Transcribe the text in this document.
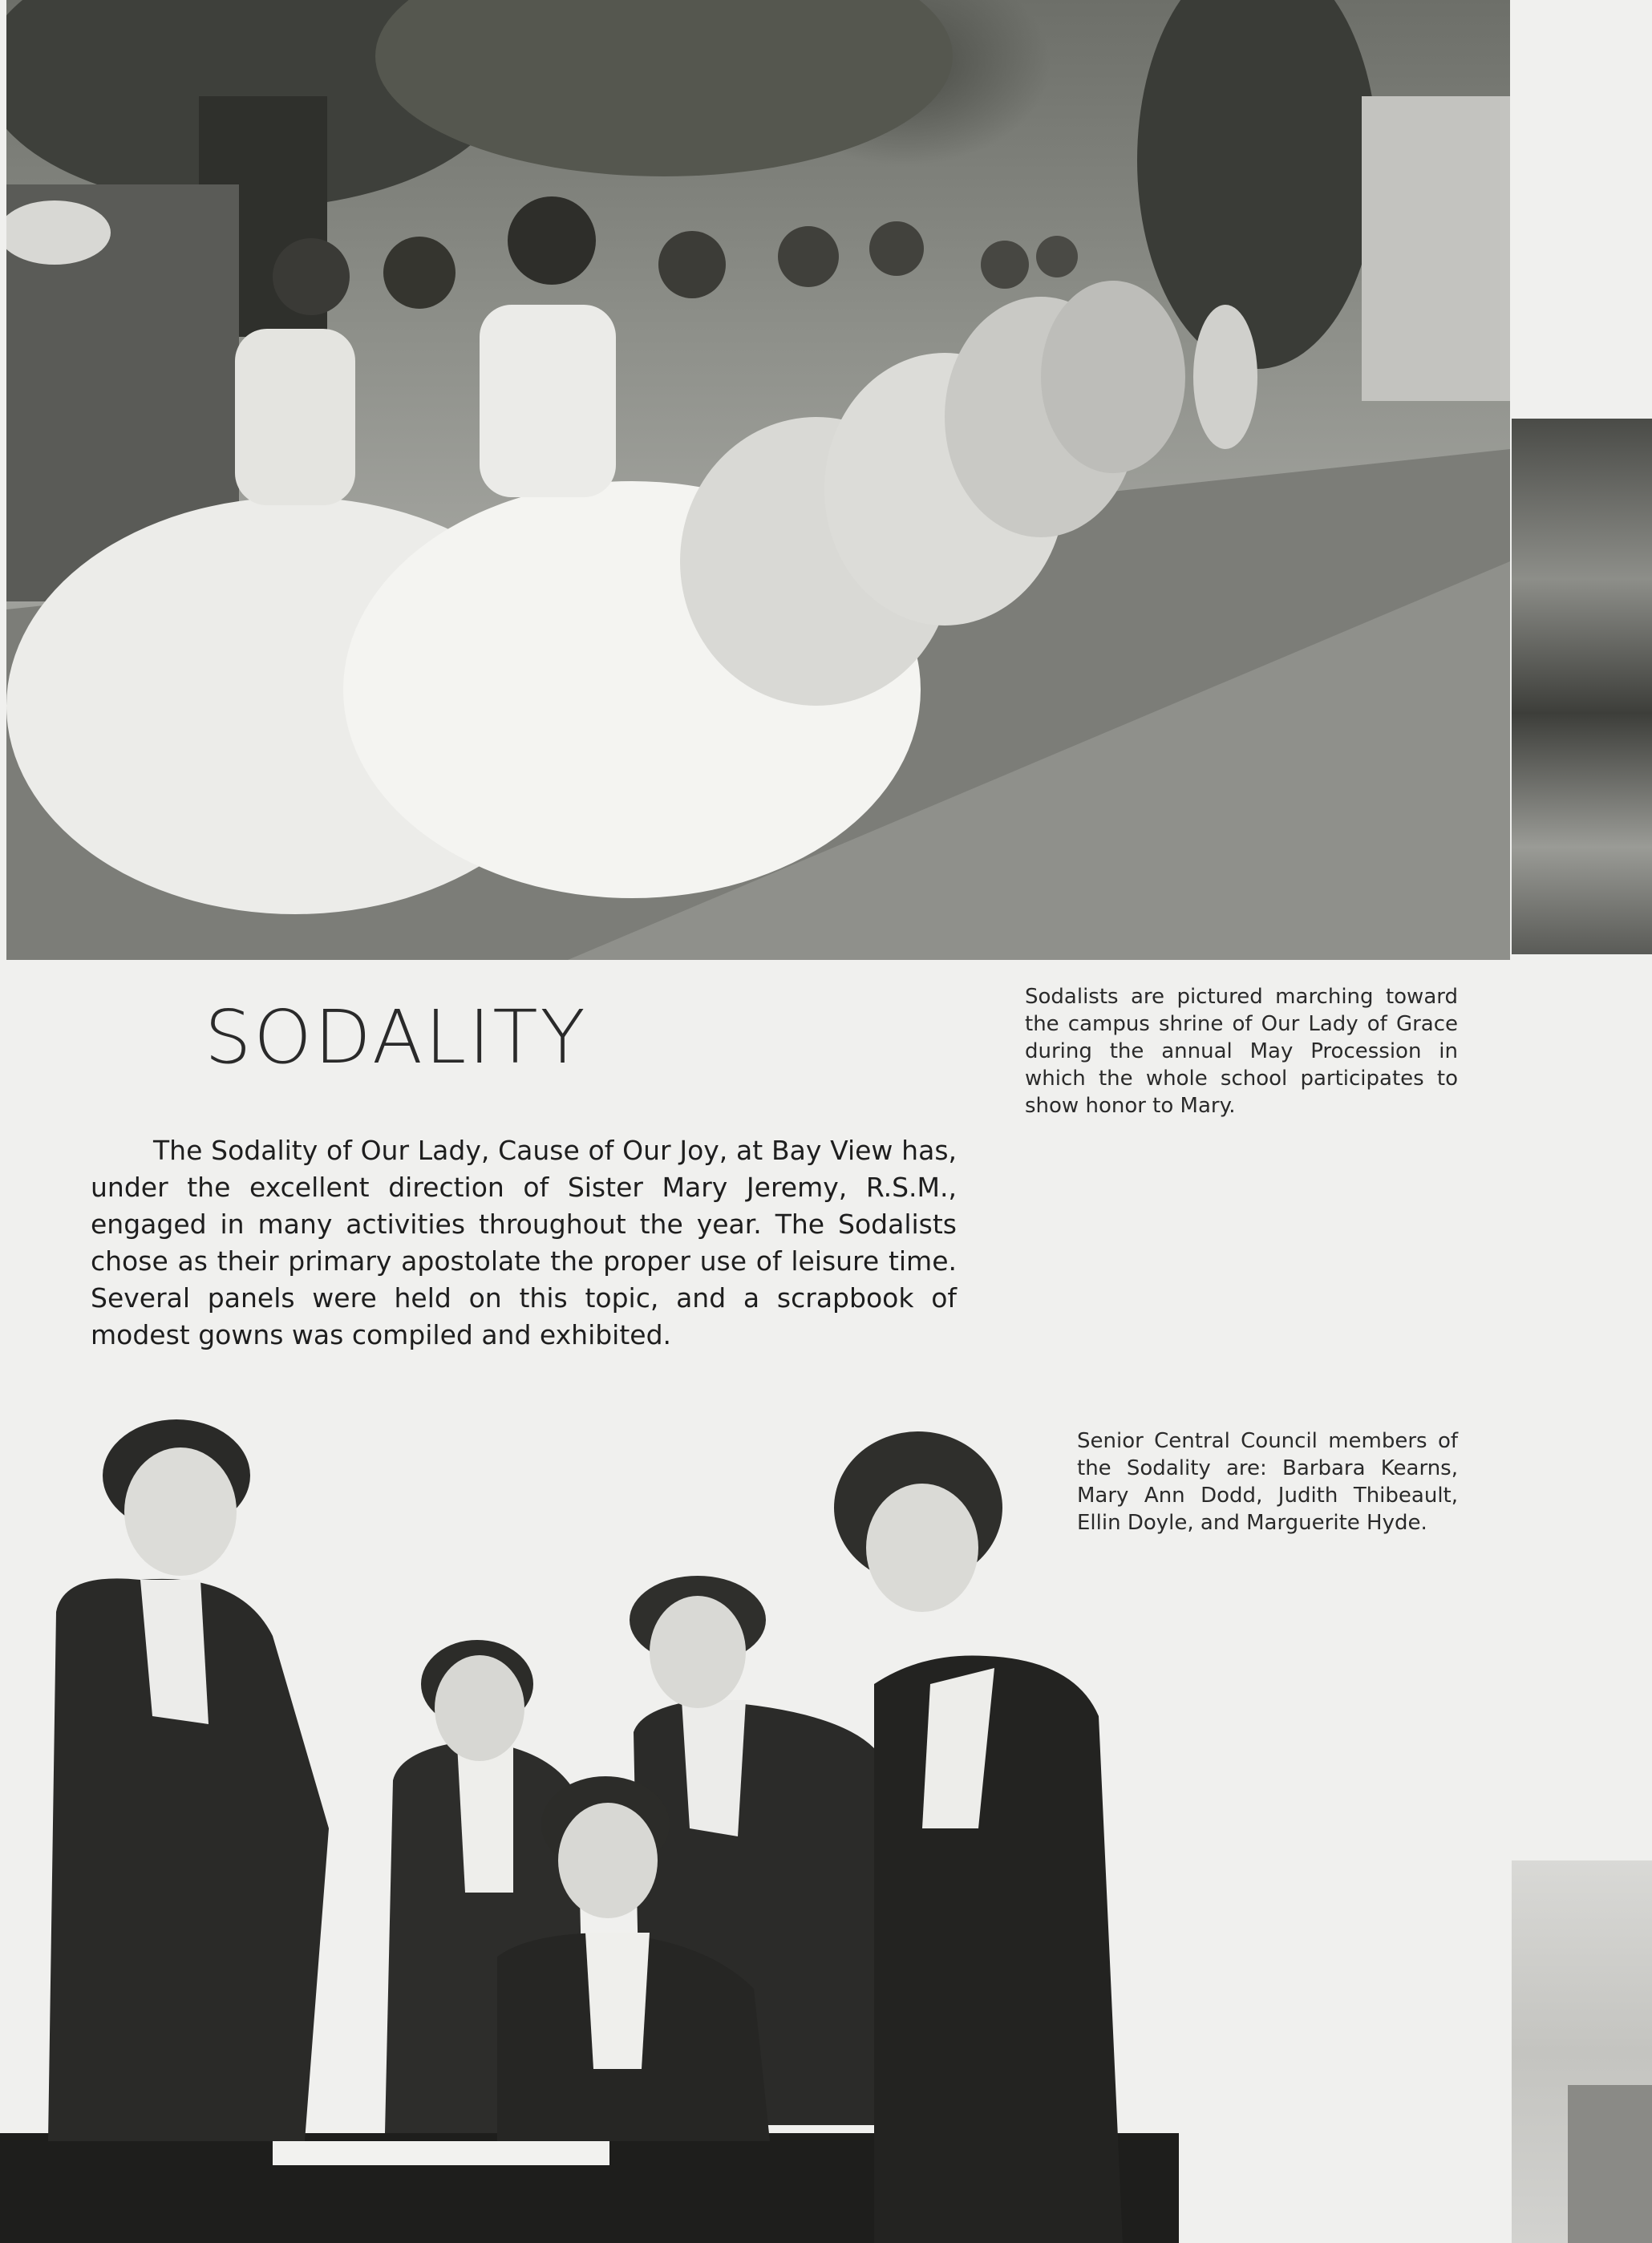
SODALITY	Sodalists are pictured marching toward the campus shrine of Our Lady of Grace during the annual May Procession in which the whole school participates to show honor to Mary.
The Sodality of Our Lady, Cause of Our Joy, at Bay View has, under the excellent direction of Sister Mary Jeremy, R.S.M., engaged in many activities throughout the year. The Sodalists chose as their primary apostolate the proper use of leisure time. Several panels were held on this topic, and a scrapbook of modest gowns was compiled and exhibited.
Senior Central Council members of the Sodality are: Barbara Kearns, Mary Ann Dodd, Judith Thibeault, Ellin Doyle, and Marguerite Hyde.
